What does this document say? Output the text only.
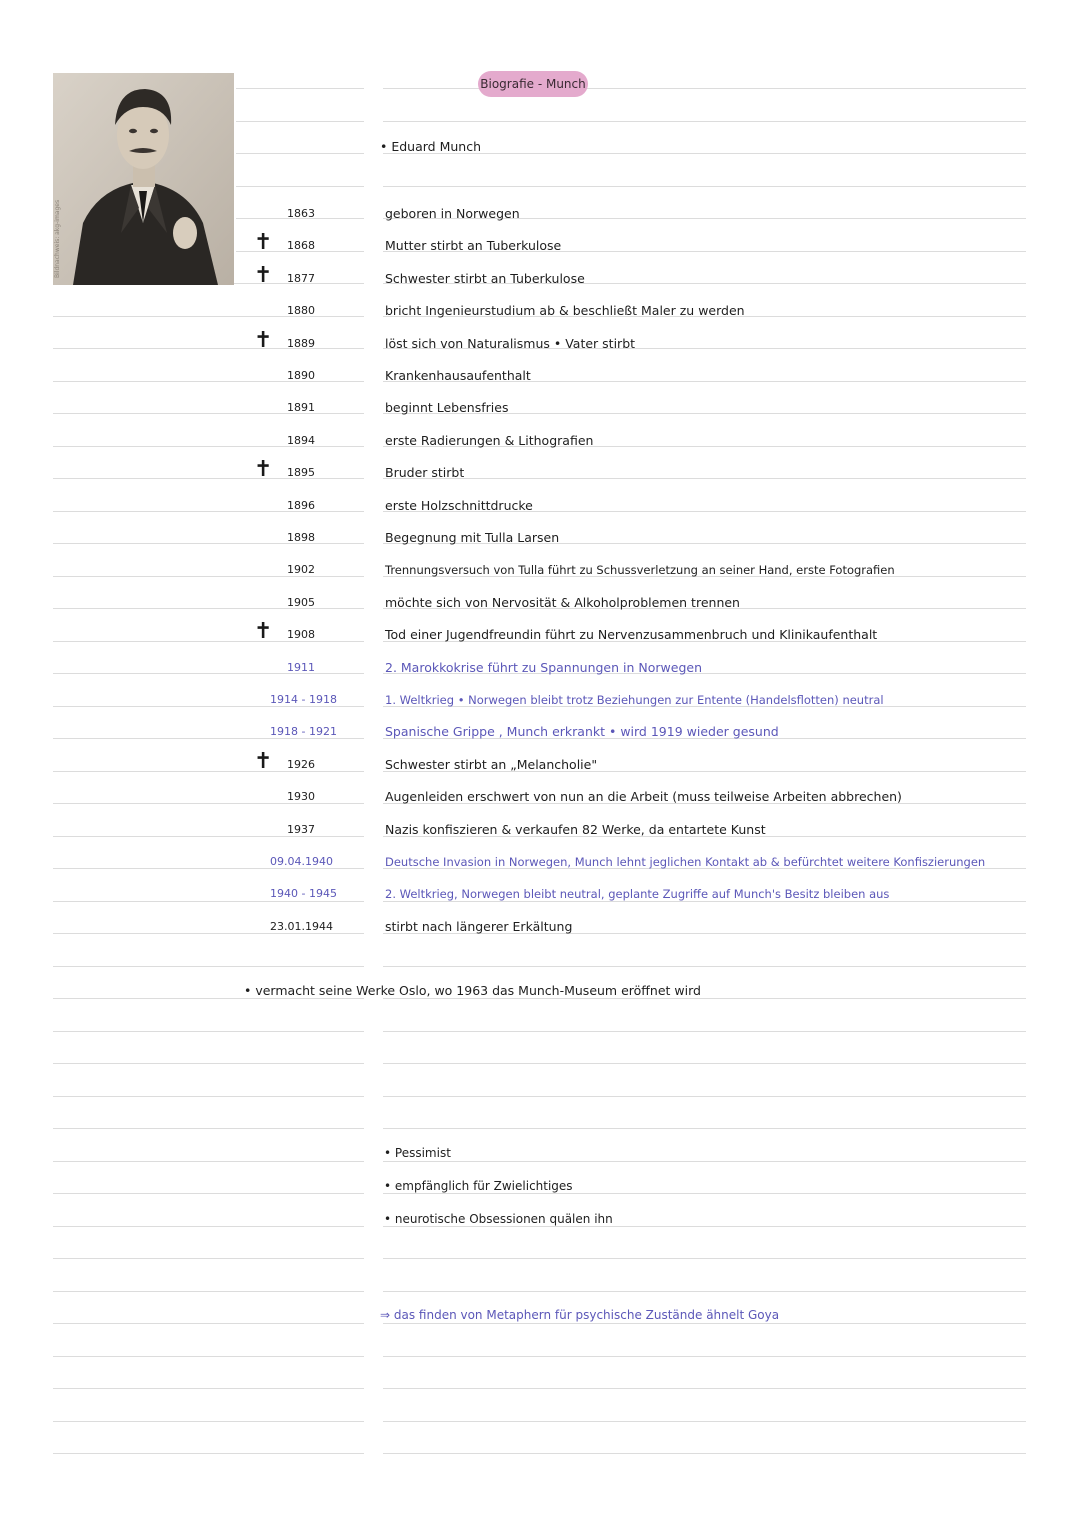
Bildnachweis: akg-images
Biografie - Munch
• Eduard Munch
1863	geboren in Norwegen
✝ 1868	Mutter stirbt an Tuberkulose
✝ 1877	Schwester stirbt an Tuberkulose
1880	bricht Ingenieurstudium ab & beschließt Maler zu werden
✝ 1889	löst sich von Naturalismus • Vater stirbt
1890	Krankenhausaufenthalt
1891	beginnt Lebensfries
1894	erste Radierungen & Lithografien
✝ 1895	Bruder stirbt
1896	erste Holzschnittdrucke
1898	Begegnung mit Tulla Larsen
1902	Trennungsversuch von Tulla führt zu Schussverletzung an seiner Hand, erste Fotografien
1905	möchte sich von Nervosität & Alkoholproblemen trennen
✝ 1908	Tod einer Jugendfreundin führt zu Nervenzusammenbruch und Klinikaufenthalt
1911	2. Marokkokrise führt zu Spannungen in Norwegen
1914 - 1918	1. Weltkrieg • Norwegen bleibt trotz Beziehungen zur Entente (Handelsflotten) neutral
1918 - 1921	Spanische Grippe , Munch erkrankt • wird 1919 wieder gesund
✝ 1926	Schwester stirbt an „Melancholie"
1930	Augenleiden erschwert von nun an die Arbeit (muss teilweise Arbeiten abbrechen)
1937	Nazis konfiszieren & verkaufen 82 Werke, da entartete Kunst
09.04.1940	Deutsche Invasion in Norwegen, Munch lehnt jeglichen Kontakt ab & befürchtet weitere Konfiszierungen
1940 - 1945	2. Weltkrieg, Norwegen bleibt neutral, geplante Zugriffe auf Munch's Besitz bleiben aus
23.01.1944	stirbt nach längerer Erkältung
• vermacht seine Werke Oslo, wo 1963 das Munch-Museum eröffnet wird
• Pessimist
• empfänglich für Zwielichtiges
• neurotische Obsessionen quälen ihn
⇒ das finden von Metaphern für psychische Zustände ähnelt Goya
